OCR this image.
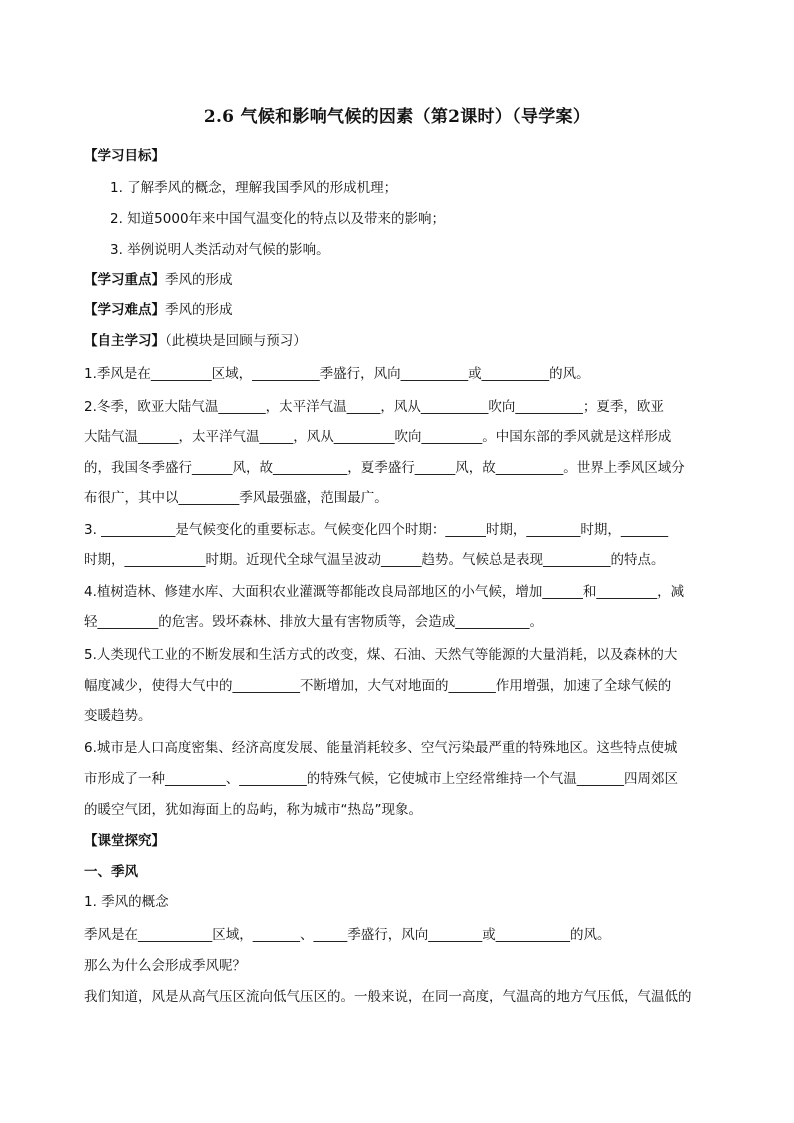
2.6 气候和影响气候的因素（第2课时）（导学案）
【学习目标】
1. 了解季风的概念，理解我国季风的形成机理；
2. 知道5000年来中国气温变化的特点以及带来的影响；
3. 举例说明人类活动对气候的影响。
【学习重点】季风的形成
【学习难点】季风的形成
【自主学习】（此模块是回顾与预习）
1.季风是在_________区域，__________季盛行，风向__________或__________的风。
2.冬季，欧亚大陆气温_______，太平洋气温_____，风从__________吹向__________；夏季，欧亚
大陆气温______，太平洋气温_____，风从_________吹向_________。中国东部的季风就是这样形成
的，我国冬季盛行______风，故___________，夏季盛行______风，故__________。世界上季风区域分
布很广，其中以_________季风最强盛，范围最广。
3. ___________是气候变化的重要标志。气候变化四个时期：______时期，________时期，_______
时期，____________时期。近现代全球气温呈波动______趋势。气候总是表现__________的特点。
4.植树造林、修建水库、大面积农业灌溉等都能改良局部地区的小气候，增加______和_________，减
轻_________的危害。毁坏森林、排放大量有害物质等，会造成___________。
5.人类现代工业的不断发展和生活方式的改变，煤、石油、天然气等能源的大量消耗，以及森林的大
幅度减少，使得大气中的__________不断增加，大气对地面的_______作用增强，加速了全球气候的
变暖趋势。
6.城市是人口高度密集、经济高度发展、能量消耗较多、空气污染最严重的特殊地区。这些特点使城
市形成了一种_________、__________的特殊气候，它使城市上空经常维持一个气温_______四周郊区
的暖空气团，犹如海面上的岛屿，称为城市“热岛”现象。
【课堂探究】
一、季风
1. 季风的概念
季风是在___________区域，_______、_____季盛行，风向________或___________的风。
那么为什么会形成季风呢？
我们知道，风是从高气压区流向低气压区的。一般来说，在同一高度，气温高的地方气压低，气温低的
